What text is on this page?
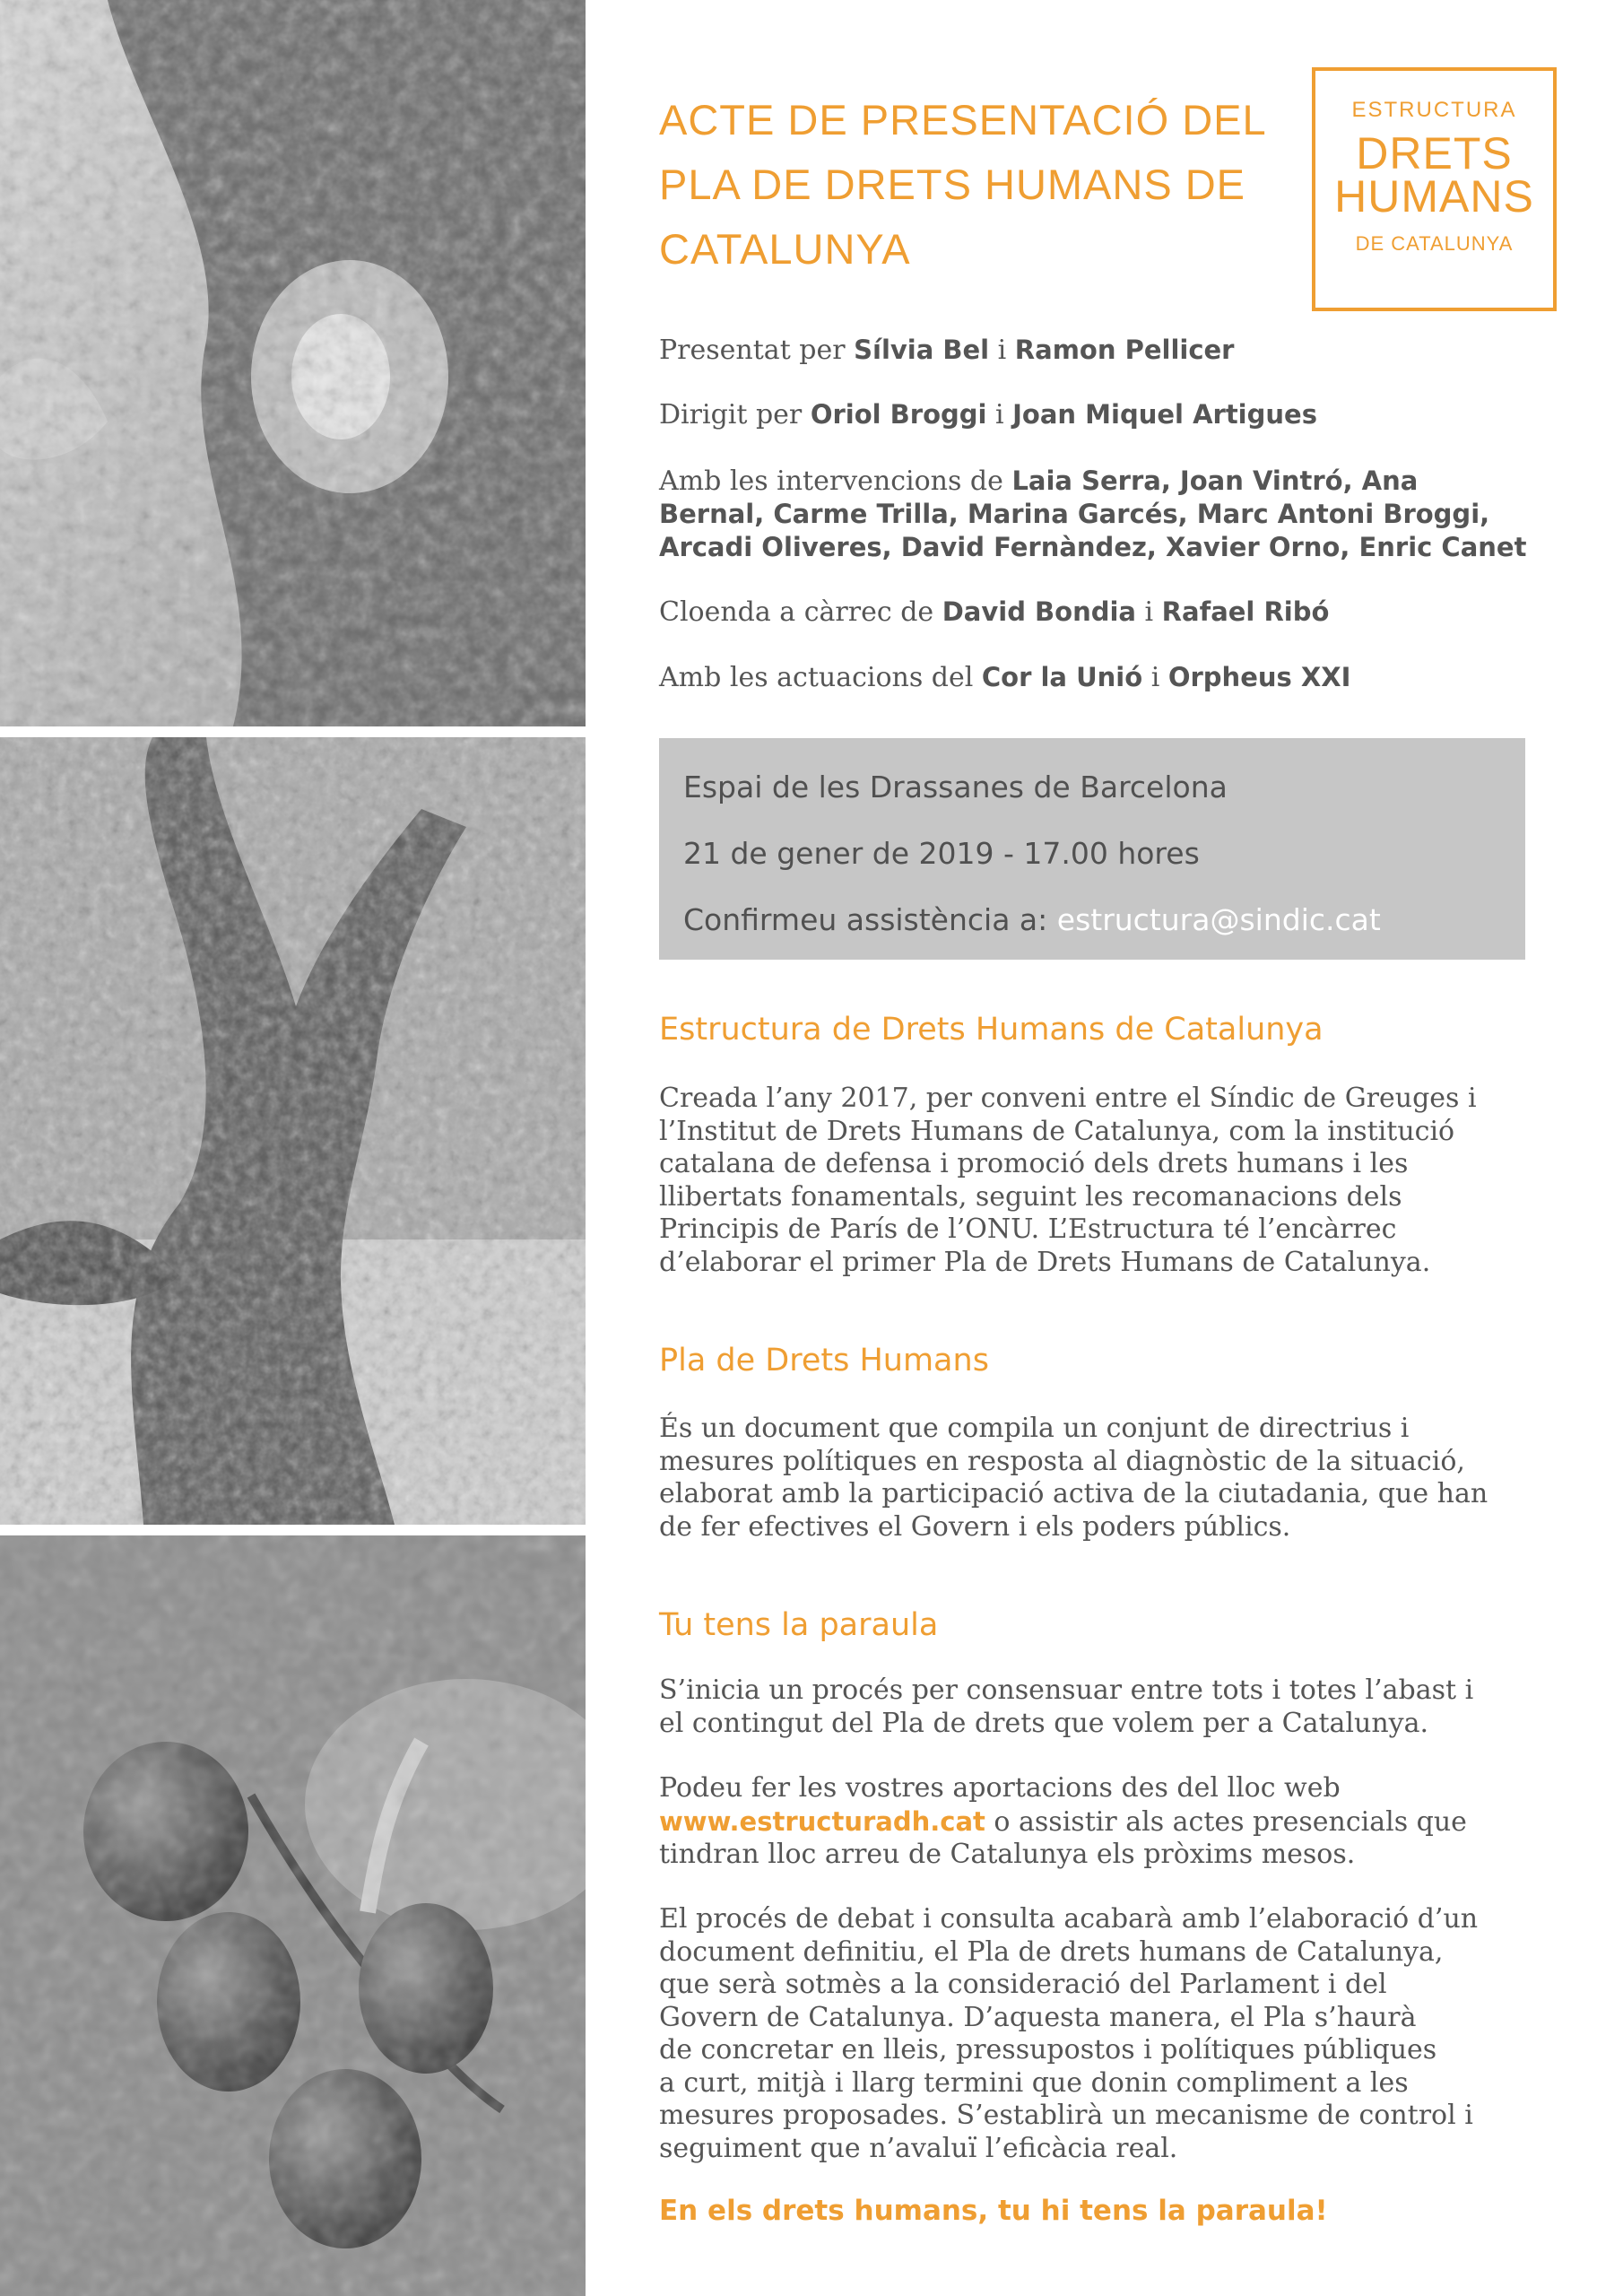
ACTE DE PRESENTACIÓ DEL
PLA DE DRETS HUMANS DE
CATALUNYA
ESTRUCTURA
DRETS
HUMANS
DE CATALUNYA
Presentat per Sílvia Bel i Ramon Pellicer
Dirigit per Oriol Broggi i Joan Miquel Artigues
Amb les intervencions de Laia Serra, Joan Vintró, Ana
Bernal, Carme Trilla, Marina Garcés, Marc Antoni Broggi,
Arcadi Oliveres, David Fernàndez, Xavier Orno, Enric Canet
Cloenda a càrrec de David Bondia i Rafael Ribó
Amb les actuacions del Cor la Unió i Orpheus XXI
Espai de les Drassanes de Barcelona
21 de gener de 2019 - 17.00 hores
Confirmeu assistència a: estructura@sindic.cat
Estructura de Drets Humans de Catalunya
Creada l’any 2017, per conveni entre el Síndic de Greuges i
l’Institut de Drets Humans de Catalunya, com la institució
catalana de defensa i promoció dels drets humans i les
llibertats fonamentals, seguint les recomanacions dels
Principis de París de l’ONU. L’Estructura té l’encàrrec
d’elaborar el primer Pla de Drets Humans de Catalunya.
Pla de Drets Humans
És un document que compila un conjunt de directrius i
mesures polítiques en resposta al diagnòstic de la situació,
elaborat amb la participació activa de la ciutadania, que han
de fer efectives el Govern i els poders públics.
Tu tens la paraula
S’inicia un procés per consensuar entre tots i totes l’abast i
el contingut del Pla de drets que volem per a Catalunya.
Podeu fer les vostres aportacions des del lloc web
www.estructuradh.cat o assistir als actes presencials que
tindran lloc arreu de Catalunya els pròxims mesos.
El procés de debat i consulta acabarà amb l’elaboració d’un
document definitiu, el Pla de drets humans de Catalunya,
que serà sotmès a la consideració del Parlament i del
Govern de Catalunya. D’aquesta manera, el Pla s’haurà
de concretar en lleis, pressupostos i polítiques públiques
a curt, mitjà i llarg termini que donin compliment a les
mesures proposades. S’establirà un mecanisme de control i
seguiment que n’avaluï l’eficàcia real.
En els drets humans, tu hi tens la paraula!
